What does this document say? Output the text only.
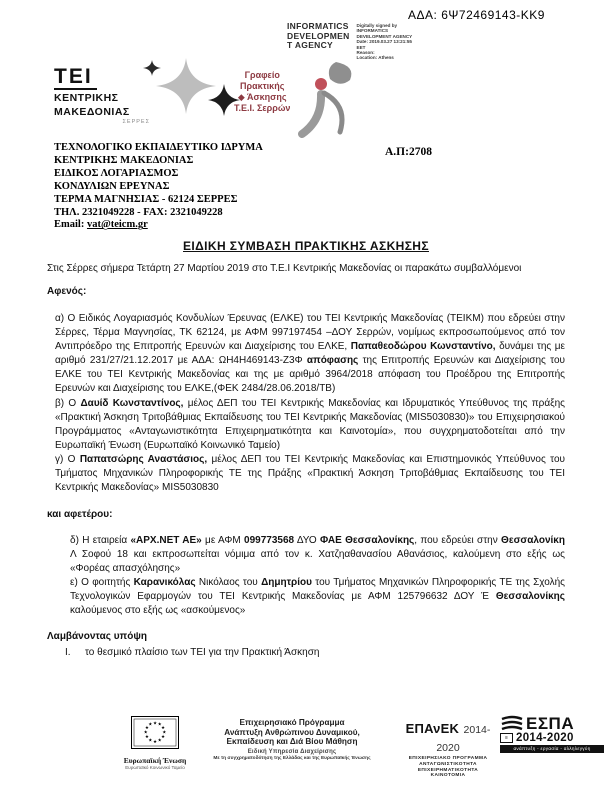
ΑΔΑ: 6Ψ72469143-ΚΚ9
INFORMATICS
DEVELOPMEN
T AGENCY
Digitally signed by
INFORMATICS
DEVELOPMENT AGENCY
Date: 2019.03.27 13:21:55
EET
Reason:
Location: Athens
TEI
ΚΕΝΤΡΙΚΗΣ
ΜΑΚΕΔΟΝΙΑΣ
ΣΕΡΡΕΣ
Γραφείο
Πρακτικής
◆ Άσκησης
Τ.Ε.Ι. Σερρών
ΤΕΧΝΟΛΟΓΙΚΟ ΕΚΠΑΙΔΕΥΤΙΚΟ ΙΔΡΥΜΑ
ΚΕΝΤΡΙΚΗΣ ΜΑΚΕΔΟΝΙΑΣ
ΕΙΔΙΚΟΣ ΛΟΓΑΡΙΑΣΜΟΣ
ΚΟΝΔΥΛΙΩΝ ΕΡΕΥΝΑΣ
ΤΕΡΜΑ ΜΑΓΝΗΣΙΑΣ - 62124 ΣΕΡΡΕΣ
ΤΗΛ. 2321049228 - FAX: 2321049228
Email: vat@teicm.gr
Α.Π:2708
ΕΙΔΙΚΗ ΣΥΜΒΑΣΗ ΠΡΑΚΤΙΚΗΣ ΑΣΚΗΣΗΣ

Στις Σέρρες σήμερα Τετάρτη 27 Μαρτίου 2019 στο Τ.Ε.Ι Κεντρικής Μακεδονίας οι παρακάτω συμβαλλόμενοι

Αφενός:

α) Ο Ειδικός Λογαριασμός Κονδυλίων Έρευνας (ΕΛΚΕ) του ΤΕΙ Κεντρικής Μακεδονίας (ΤΕΙΚΜ) που εδρεύει στην Σέρρες, Τέρμα Μαγνησίας, ΤΚ 62124, με ΑΦΜ 997197454 –ΔΟΥ Σερρών, νομίμως εκπροσωπούμενος από τον Αντιπρόεδρο της Επιτροπής Ερευνών και Διαχείρισης του ΕΛΚΕ, Παπαθεοδώρου Κωνσταντίνο, δυνάμει της με αριθμό 231/27/21.12.2017 με ΑΔΑ: ΩΗ4Η469143-Ζ3Φ απόφασης της Επιτροπής Ερευνών και Διαχείρισης του ΕΛΚΕ του ΤΕΙ Κεντρικής Μακεδονίας και της με αριθμό 3964/2018 απόφαση του Προέδρου της Επιτροπής Ερευνών και Διαχείρισης του ΕΛΚΕ,(ΦΕΚ 2484/28.06.2018/ΤΒ)

β) Ο Δαυίδ Κωνσταντίνος, μέλος ΔΕΠ του ΤΕΙ Κεντρικής Μακεδονίας και Ιδρυματικός Υπεύθυνος της πράξης «Πρακτική Άσκηση Τριτοβάθμιας Εκπαίδευσης του ΤΕΙ Κεντρικής Μακεδονίας (MIS5030830)» του Επιχειρησιακού Προγράμματος «Ανταγωνιστικότητα Επιχειρηματικότητα και Καινοτομία», που συγχρηματοδοτείται από την Ευρωπαϊκή Ένωση (Ευρωπαϊκό Κοινωνικό Ταμείο)

γ) Ο Παπατσώρης Αναστάσιος, μέλος ΔΕΠ του ΤΕΙ Κεντρικής Μακεδονίας και Επιστημονικός Υπεύθυνος του Τμήματος Μηχανικών Πληροφορικής ΤΕ της Πράξης «Πρακτική Άσκηση Τριτοβάθμιας Εκπαίδευσης του ΤΕΙ Κεντρικής Μακεδονίας» MIS5030830

και αφετέρου:

δ) Η εταιρεία «ΑΡΧ.ΝΕΤ ΑΕ» με ΑΦΜ 099773568 ΔΥΟ ΦΑΕ Θεσσαλονίκης, που εδρεύει στην Θεσσαλονίκη Λ Σοφού 18 και εκπροσωπείται νόμιμα από τον κ. Χατζηαθανασίου Αθανάσιος, καλούμενη στο εξής ως «Φορέας απασχόλησης»

ε) Ο φοιτητής Καρανικόλας Νικόλαος του Δημητρίου του Τμήματος Μηχανικών Πληροφορικής ΤΕ της Σχολής Τεχνολογικών Εφαρμογών του ΤΕΙ Κεντρικής Μακεδονίας με ΑΦΜ 125796632 ΔΟΥ Έ Θεσσαλονίκης καλούμενος στο εξής ως «ασκούμενος»

Λαμβάνοντας υπόψη

I.	το θεσμικό πλαίσιο των ΤΕΙ για την Πρακτική Άσκηση
★ ★
★
★
★
★
★
★
★
★
★
★
Ευρωπαϊκή Ένωση
Ευρωπαϊκό Κοινωνικό Ταμείο
Επιχειρησιακό Πρόγραμμα
Ανάπτυξη Ανθρώπινου Δυναμικού,
Εκπαίδευση και Διά Βίου Μάθηση
Ειδική Υπηρεσία Διαχείρισης
Με τη συγχρηματοδότηση της Ελλάδας και της Ευρωπαϊκής Ένωσης
ΕΠΑνΕΚ 2014-2020
ΕΠΙΧΕΙΡΗΣΙΑΚΟ ΠΡΟΓΡΑΜΜΑ
ΑΝΤΑΓΩΝΙΣΤΙΚΟΤΗΤΑ
ΕΠΙΧΕΙΡΗΜΑΤΙΚΟΤΗΤΑ
ΚΑΙΝΟΤΟΜΙΑ
ΕΣΠΑ
≡ 2014-2020
ανάπτυξη - εργασία - αλληλεγγύη
